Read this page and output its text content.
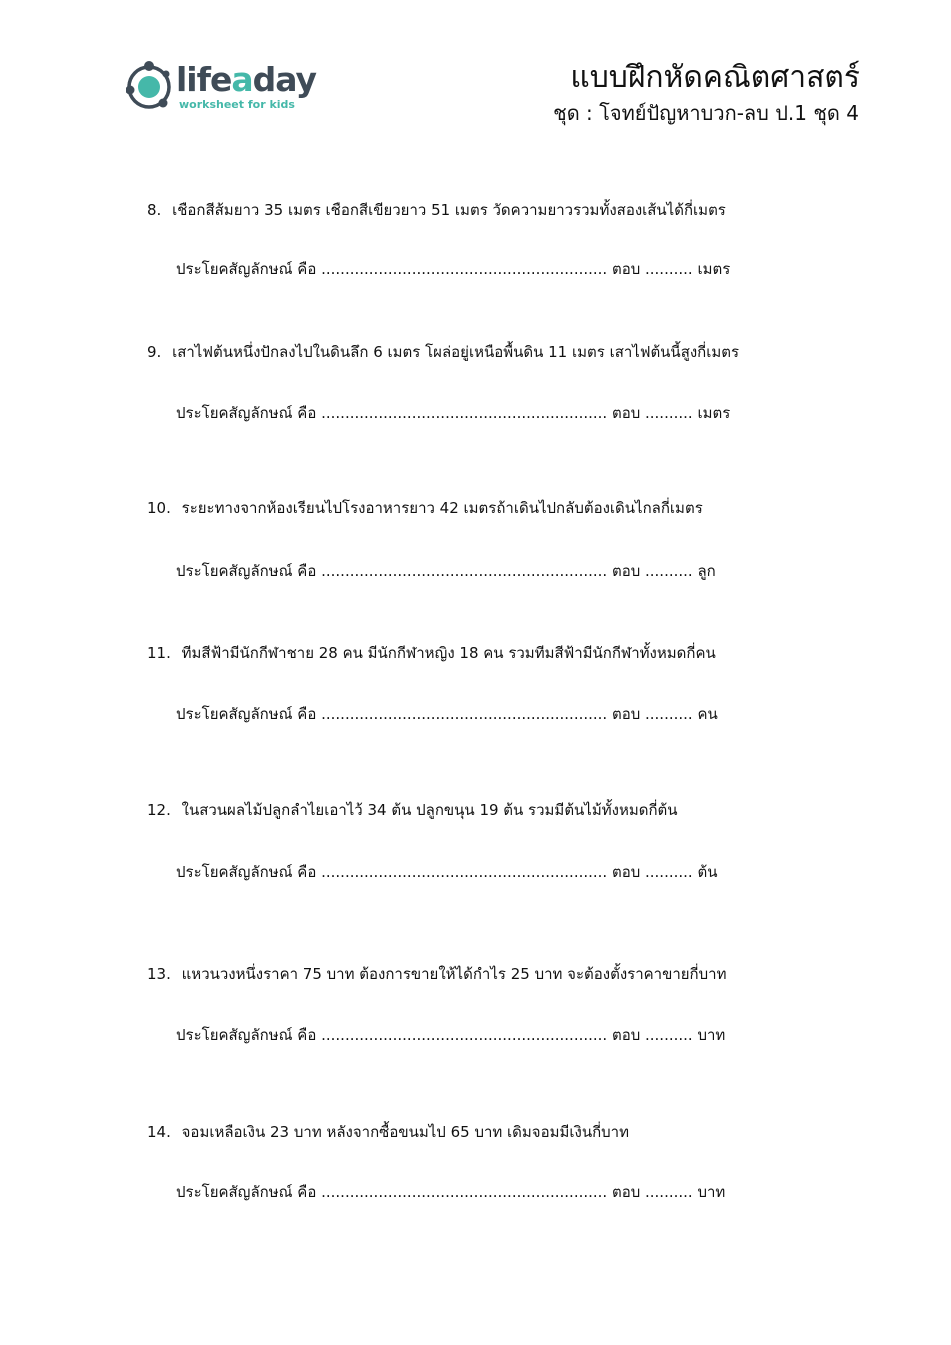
lifeaday
worksheet for kids
แบบฝึกหัดคณิตศาสตร์
ชุด : โจทย์ปัญหาบวก-ลบ ป.1 ชุด 4
8. เชือกสีส้มยาว 35 เมตร เชือกสีเขียวยาว 51 เมตร วัดความยาวรวมทั้งสองเส้นได้กี่เมตร
ประโยคสัญลักษณ์ คือ ............................................................ ตอบ .......... เมตร
9. เสาไฟต้นหนึ่งปักลงไปในดินลึก 6 เมตร โผล่อยู่เหนือพื้นดิน 11 เมตร เสาไฟต้นนี้สูงกี่เมตร
ประโยคสัญลักษณ์ คือ ............................................................ ตอบ .......... เมตร
10. ระยะทางจากห้องเรียนไปโรงอาหารยาว 42 เมตรถ้าเดินไปกลับต้องเดินไกลกี่เมตร
ประโยคสัญลักษณ์ คือ ............................................................ ตอบ .......... ลูก
11. ทีมสีฟ้ามีนักกีฬาชาย 28 คน มีนักกีฬาหญิง 18 คน รวมทีมสีฟ้ามีนักกีฬาทั้งหมดกี่คน
ประโยคสัญลักษณ์ คือ ............................................................ ตอบ .......... คน
12. ในสวนผลไม้ปลูกลำไยเอาไว้ 34 ต้น ปลูกขนุน 19 ต้น รวมมีต้นไม้ทั้งหมดกี่ต้น
ประโยคสัญลักษณ์ คือ ............................................................ ตอบ .......... ต้น
13. แหวนวงหนึ่งราคา 75 บาท ต้องการขายให้ได้กำไร 25 บาท จะต้องตั้งราคาขายกี่บาท
ประโยคสัญลักษณ์ คือ ............................................................ ตอบ .......... บาท
14. จอมเหลือเงิน 23 บาท หลังจากซื้อขนมไป 65 บาท เดิมจอมมีเงินกี่บาท
ประโยคสัญลักษณ์ คือ ............................................................ ตอบ .......... บาท
